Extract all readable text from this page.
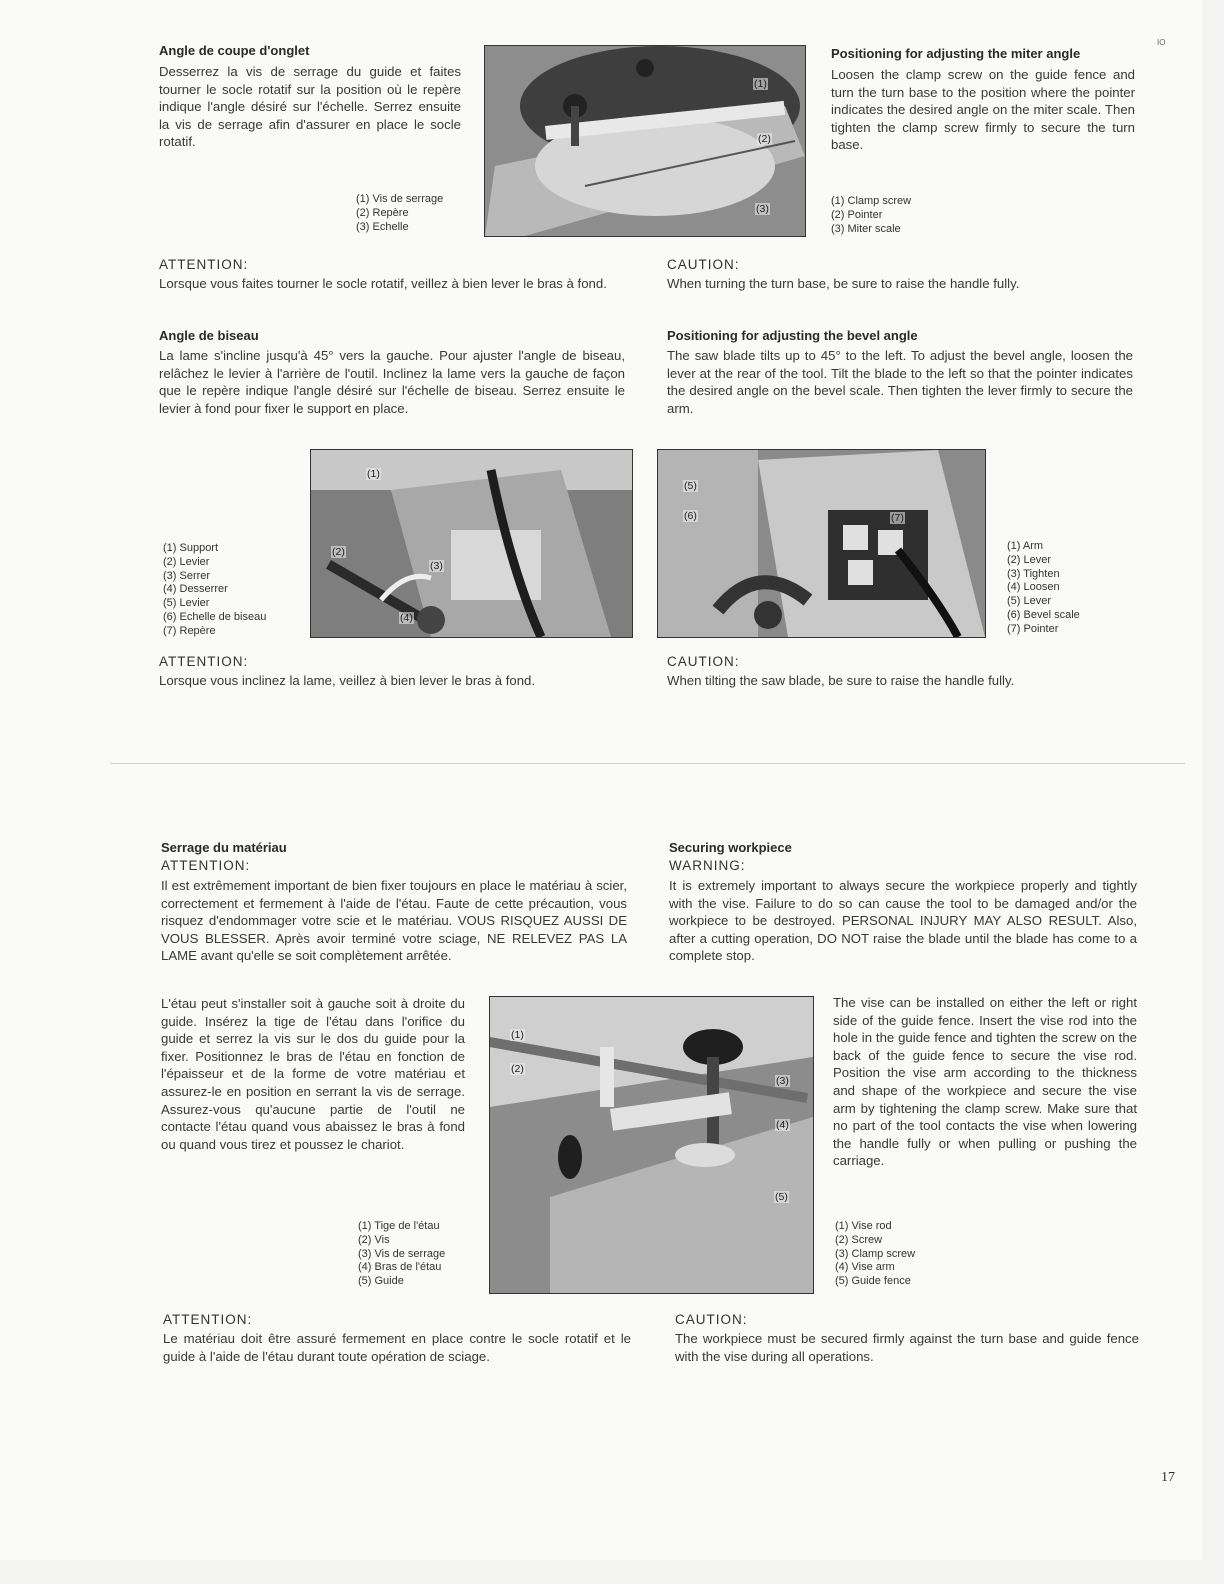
Angle de coupe d'onglet

Desserrez la vis de serrage du guide et faites tourner le socle rotatif sur la position où le repère indique l'angle désiré sur l'échelle. Serrez ensuite la vis de serrage afin d'assurer en place le socle rotatif.

(1) Vis de serrage
(2) Repère
(3) Echelle
(1)
(2)
(3)
Positioning for adjusting the miter angle
IO

Loosen the clamp screw on the guide fence and turn the turn base to the position where the pointer indicates the desired angle on the miter scale. Then tighten the clamp screw firmly to secure the turn base.

(1) Clamp screw
(2) Pointer
(3) Miter scale
ATTENTION:

Lorsque vous faites tourner le socle rotatif, veillez à bien lever le bras à fond.

CAUTION:

When turning the turn base, be sure to raise the handle fully.

Angle de biseau

La lame s'incline jusqu'à 45° vers la gauche. Pour ajuster l'angle de biseau, relâchez le levier à l'arrière de l'outil. Inclinez la lame vers la gauche de façon que le repère indique l'angle désiré sur l'échelle de biseau. Serrez ensuite le levier à fond pour fixer le support en place.

Positioning for adjusting the bevel angle

The saw blade tilts up to 45° to the left. To adjust the bevel angle, loosen the lever at the rear of the tool. Tilt the blade to the left so that the pointer indicates the desired angle on the bevel scale. Then tighten the lever firmly to secure the arm.

(1) Support
(2) Levier
(3) Serrer
(4) Desserrer
(5) Levier
(6) Echelle de biseau
(7) Repère
(1)
(2)
(3)
(4)
(5)
(6)	(7)
(1) Arm
(2) Lever
(3) Tighten
(4) Loosen
(5) Lever
(6) Bevel scale
(7) Pointer
ATTENTION:

Lorsque vous inclinez la lame, veillez à bien lever le bras à fond.

CAUTION:

When tilting the saw blade, be sure to raise the handle fully.

Serrage du matériau
ATTENTION:

Il est extrêmement important de bien fixer toujours en place le matériau à scier, correctement et fermement à l'aide de l'étau. Faute de cette précaution, vous risquez d'endommager votre scie et le matériau. VOUS RISQUEZ AUSSI DE VOUS BLESSER. Après avoir terminé votre sciage, NE RELEVEZ PAS LA LAME avant qu'elle se soit complètement arrêtée.

L'étau peut s'installer soit à gauche soit à droite du guide. Insérez la tige de l'étau dans l'orifice du guide et serrez la vis sur le dos du guide pour la fixer. Positionnez le bras de l'étau en fonction de l'épaisseur et de la forme de votre matériau et assurez-le en position en serrant la vis de serrage. Assurez-vous qu'aucune partie de l'outil ne contacte l'étau quand vous abaissez le bras à fond ou quand vous tirez et poussez le chariot.

Securing workpiece
WARNING:

It is extremely important to always secure the workpiece properly and tightly with the vise. Failure to do so can cause the tool to be damaged and/or the workpiece to be destroyed. PERSONAL INJURY MAY ALSO RESULT. Also, after a cutting operation, DO NOT raise the blade until the blade has come to a complete stop.

(1)
(2)
(3)
(4)
(5)

The vise can be installed on either the left or right side of the guide fence. Insert the vise rod into the hole in the guide fence and tighten the screw on the back of the guide fence to secure the vise rod. Position the vise arm according to the thickness and shape of the workpiece and secure the vise arm by tightening the clamp screw. Make sure that no part of the tool contacts the vise when lowering the handle fully or when pulling or pushing the carriage.

(1) Tige de l'étau
(2) Vis
(3) Vis de serrage
(4) Bras de l'étau
(5) Guide
(1) Vise rod
(2) Screw
(3) Clamp screw
(4) Vise arm
(5) Guide fence
ATTENTION:

Le matériau doit être assuré fermement en place contre le socle rotatif et le guide à l'aide de l'étau durant toute opération de sciage.

CAUTION:

The workpiece must be secured firmly against the turn base and guide fence with the vise during all operations.

17
